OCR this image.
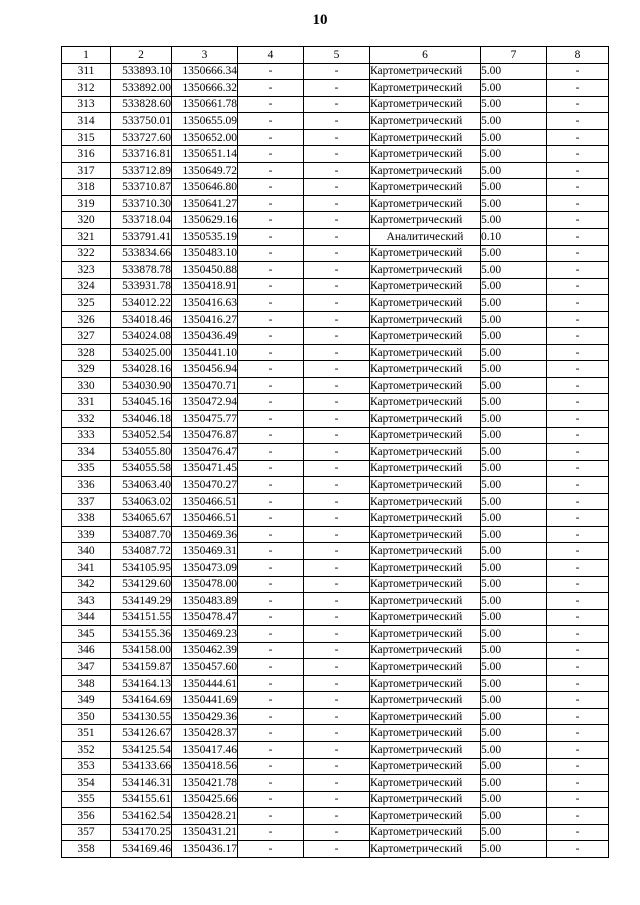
10
1	2	3	4	5	6	7	8
311	533893.10	1350666.34	-	-	Картометрический	5.00	-
312	533892.00	1350666.32	-	-	Картометрический	5.00	-
313	533828.60	1350661.78	-	-	Картометрический	5.00	-
314	533750.01	1350655.09	-	-	Картометрический	5.00	-
315	533727.60	1350652.00	-	-	Картометрический	5.00	-
316	533716.81	1350651.14	-	-	Картометрический	5.00	-
317	533712.89	1350649.72	-	-	Картометрический	5.00	-
318	533710.87	1350646.80	-	-	Картометрический	5.00	-
319	533710.30	1350641.27	-	-	Картометрический	5.00	-
320	533718.04	1350629.16	-	-	Картометрический	5.00	-
321	533791.41	1350535.19	-	-	Аналитический	0.10	-
322	533834.66	1350483.10	-	-	Картометрический	5.00	-
323	533878.78	1350450.88	-	-	Картометрический	5.00	-
324	533931.78	1350418.91	-	-	Картометрический	5.00	-
325	534012.22	1350416.63	-	-	Картометрический	5.00	-
326	534018.46	1350416.27	-	-	Картометрический	5.00	-
327	534024.08	1350436.49	-	-	Картометрический	5.00	-
328	534025.00	1350441.10	-	-	Картометрический	5.00	-
329	534028.16	1350456.94	-	-	Картометрический	5.00	-
330	534030.90	1350470.71	-	-	Картометрический	5.00	-
331	534045.16	1350472.94	-	-	Картометрический	5.00	-
332	534046.18	1350475.77	-	-	Картометрический	5.00	-
333	534052.54	1350476.87	-	-	Картометрический	5.00	-
334	534055.80	1350476.47	-	-	Картометрический	5.00	-
335	534055.58	1350471.45	-	-	Картометрический	5.00	-
336	534063.40	1350470.27	-	-	Картометрический	5.00	-
337	534063.02	1350466.51	-	-	Картометрический	5.00	-
338	534065.67	1350466.51	-	-	Картометрический	5.00	-
339	534087.70	1350469.36	-	-	Картометрический	5.00	-
340	534087.72	1350469.31	-	-	Картометрический	5.00	-
341	534105.95	1350473.09	-	-	Картометрический	5.00	-
342	534129.60	1350478.00	-	-	Картометрический	5.00	-
343	534149.29	1350483.89	-	-	Картометрический	5.00	-
344	534151.55	1350478.47	-	-	Картометрический	5.00	-
345	534155.36	1350469.23	-	-	Картометрический	5.00	-
346	534158.00	1350462.39	-	-	Картометрический	5.00	-
347	534159.87	1350457.60	-	-	Картометрический	5.00	-
348	534164.13	1350444.61	-	-	Картометрический	5.00	-
349	534164.69	1350441.69	-	-	Картометрический	5.00	-
350	534130.55	1350429.36	-	-	Картометрический	5.00	-
351	534126.67	1350428.37	-	-	Картометрический	5.00	-
352	534125.54	1350417.46	-	-	Картометрический	5.00	-
353	534133.66	1350418.56	-	-	Картометрический	5.00	-
354	534146.31	1350421.78	-	-	Картометрический	5.00	-
355	534155.61	1350425.66	-	-	Картометрический	5.00	-
356	534162.54	1350428.21	-	-	Картометрический	5.00	-
357	534170.25	1350431.21	-	-	Картометрический	5.00	-
358	534169.46	1350436.17	-	-	Картометрический	5.00	-
